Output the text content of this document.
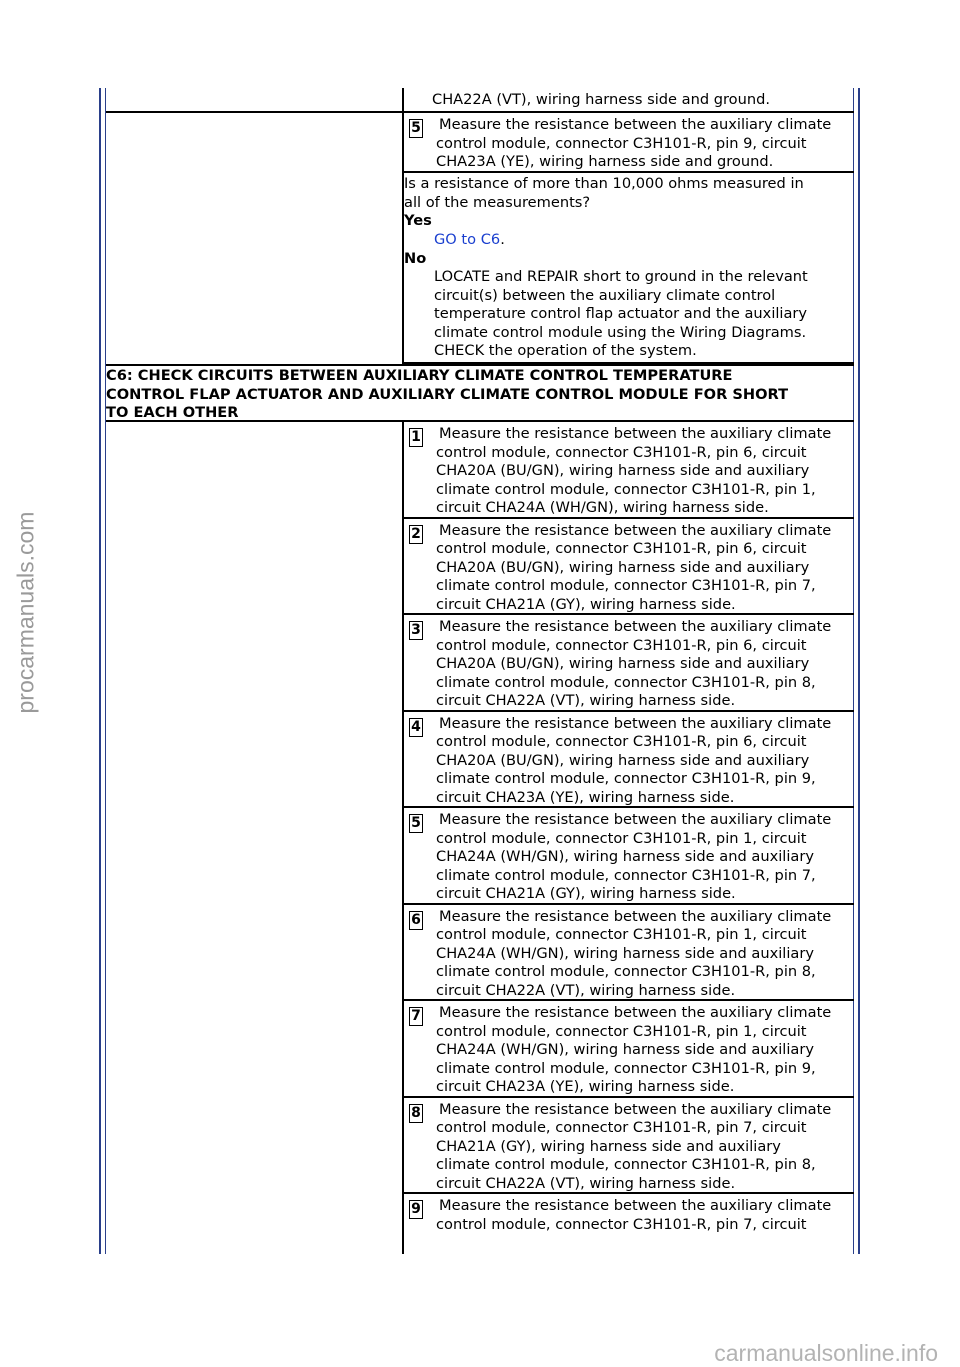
CHA22A (VT), wiring harness side and ground.
5 Measure the resistance between the auxiliary climate
control module, connector C3H101-R, pin 9, circuit
CHA23A (YE), wiring harness side and ground.
Is a resistance of more than 10,000 ohms measured in
all of the measurements?
Yes
GO to C6.
No
LOCATE and REPAIR short to ground in the relevant
circuit(s) between the auxiliary climate control
temperature control flap actuator and the auxiliary
climate control module using the Wiring Diagrams.
CHECK the operation of the system.
C6: CHECK CIRCUITS BETWEEN AUXILIARY CLIMATE CONTROL TEMPERATURE
CONTROL FLAP ACTUATOR AND AUXILIARY CLIMATE CONTROL MODULE FOR SHORT
TO EACH OTHER
1 Measure the resistance between the auxiliary climate
control module, connector C3H101-R, pin 6, circuit
CHA20A (BU/GN), wiring harness side and auxiliary
climate control module, connector C3H101-R, pin 1,
circuit CHA24A (WH/GN), wiring harness side.
2 Measure the resistance between the auxiliary climate
control module, connector C3H101-R, pin 6, circuit
CHA20A (BU/GN), wiring harness side and auxiliary
climate control module, connector C3H101-R, pin 7,
circuit CHA21A (GY), wiring harness side.
3 Measure the resistance between the auxiliary climate
control module, connector C3H101-R, pin 6, circuit
CHA20A (BU/GN), wiring harness side and auxiliary
climate control module, connector C3H101-R, pin 8,
circuit CHA22A (VT), wiring harness side.
4 Measure the resistance between the auxiliary climate
control module, connector C3H101-R, pin 6, circuit
CHA20A (BU/GN), wiring harness side and auxiliary
climate control module, connector C3H101-R, pin 9,
circuit CHA23A (YE), wiring harness side.
5 Measure the resistance between the auxiliary climate
control module, connector C3H101-R, pin 1, circuit
CHA24A (WH/GN), wiring harness side and auxiliary
climate control module, connector C3H101-R, pin 7,
circuit CHA21A (GY), wiring harness side.
6 Measure the resistance between the auxiliary climate
control module, connector C3H101-R, pin 1, circuit
CHA24A (WH/GN), wiring harness side and auxiliary
climate control module, connector C3H101-R, pin 8,
circuit CHA22A (VT), wiring harness side.
7 Measure the resistance between the auxiliary climate
control module, connector C3H101-R, pin 1, circuit
CHA24A (WH/GN), wiring harness side and auxiliary
climate control module, connector C3H101-R, pin 9,
circuit CHA23A (YE), wiring harness side.
8 Measure the resistance between the auxiliary climate
control module, connector C3H101-R, pin 7, circuit
CHA21A (GY), wiring harness side and auxiliary
climate control module, connector C3H101-R, pin 8,
circuit CHA22A (VT), wiring harness side.
9 Measure the resistance between the auxiliary climate
control module, connector C3H101-R, pin 7, circuit
procarmanuals.com
carmanualsonline.info
